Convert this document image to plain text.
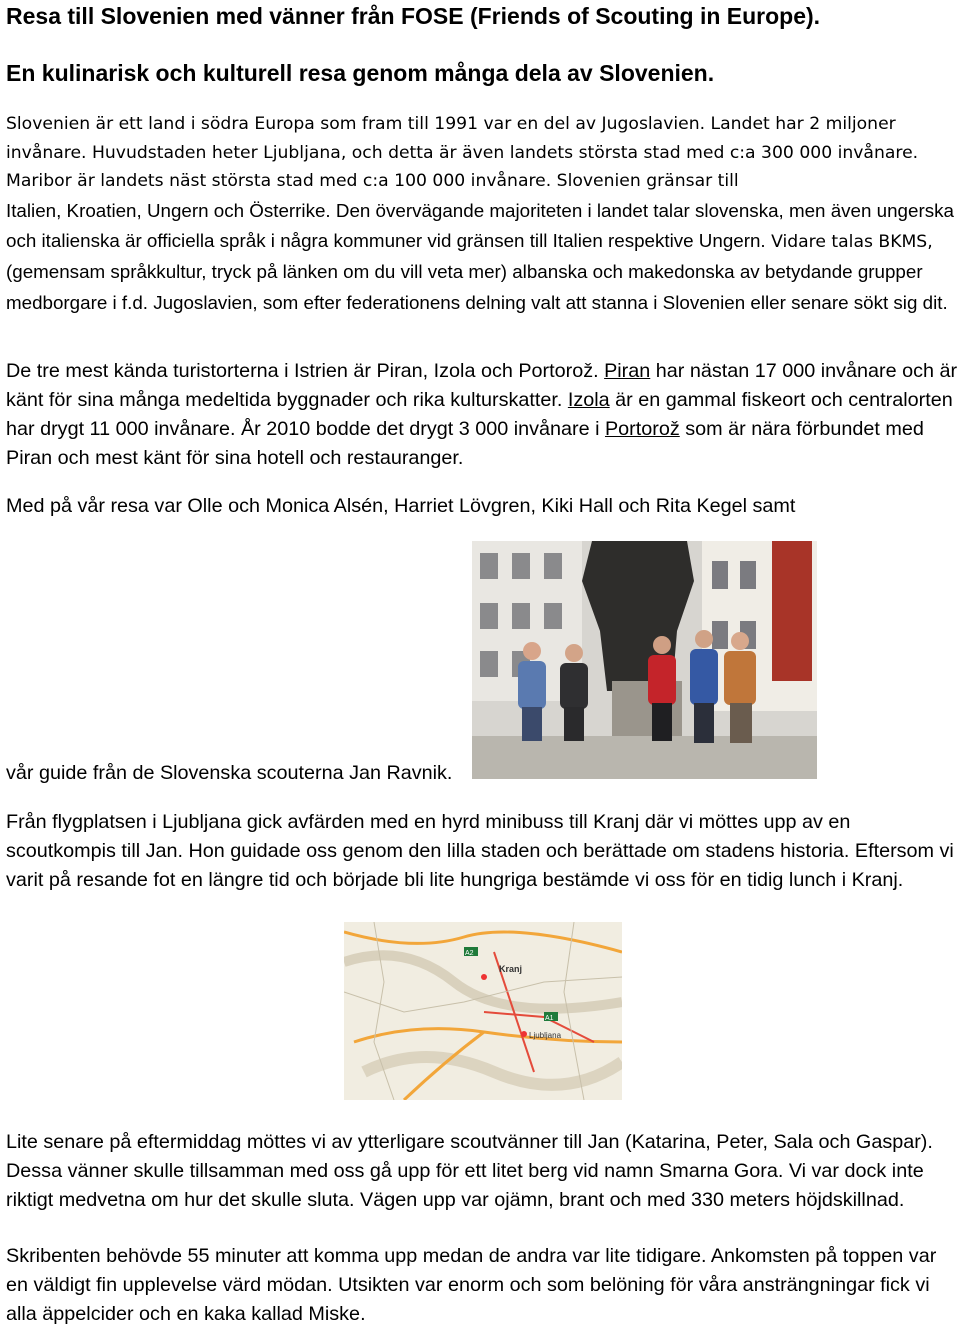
Resa till Slovenien med vänner från FOSE (Friends of Scouting in Europe).
En kulinarisk och kulturell resa genom många dela av Slovenien.

Slovenien är ett land i södra Europa som fram till 1991 var en del av Jugoslavien. Landet har 2 miljoner invånare. Huvudstaden heter Ljubljana, och detta är även landets största stad med c:a 300 000 invånare. Maribor är landets näst största stad med c:a 100 000 invånare. Slovenien gränsar till
Italien, Kroatien, Ungern och Österrike. Den övervägande majoriteten i landet talar slovenska, men även ungerska och italienska är officiella språk i några kommuner vid gränsen till Italien respektive Ungern. Vidare talas BKMS, (gemensam språkkultur, tryck på länken om du vill veta mer) albanska och makedonska av betydande grupper medborgare i f.d. Jugoslavien, som efter federationens delning valt att stanna i Slovenien eller senare sökt sig dit.

De tre mest kända turistorterna i Istrien är Piran, Izola och Portorož. Piran har nästan 17 000 invånare och är känt för sina många medeltida byggnader och rika kulturskatter. Izola är en gammal fiskeort och centralorten har drygt 11 000 invånare. År 2010 bodde det drygt 3 000 invånare i Portorož som är nära förbundet med Piran och mest känt för sina hotell och restauranger.

Med på vår resa var Olle och Monica Alsén, Harriet Lövgren, Kiki Hall och Rita Kegel samt

vår guide från de Slovenska scouterna Jan Ravnik.

Från flygplatsen i Ljubljana gick avfärden med en hyrd minibuss till Kranj där vi möttes upp av en scoutkompis till Jan. Hon guidade oss genom den lilla staden och berättade om stadens historia. Eftersom vi varit på resande fot en längre tid och började bli lite hungriga bestämde vi oss för en tidig lunch i Kranj.

Kranj
Ljubljana
A2
A1

Lite senare på eftermiddag möttes vi av ytterligare scoutvänner till Jan (Katarina, Peter, Sala och Gaspar). Dessa vänner skulle tillsamman med oss gå upp för ett litet berg vid namn Smarna Gora. Vi var dock inte riktigt medvetna om hur det skulle sluta. Vägen upp var ojämn, brant och med 330 meters höjdskillnad.

Skribenten behövde 55 minuter att komma upp medan de andra var lite tidigare. Ankomsten på toppen var en väldigt fin upplevelse värd mödan. Utsikten var enorm och som belöning för våra ansträngningar fick vi alla äppelcider och en kaka kallad Miske.
